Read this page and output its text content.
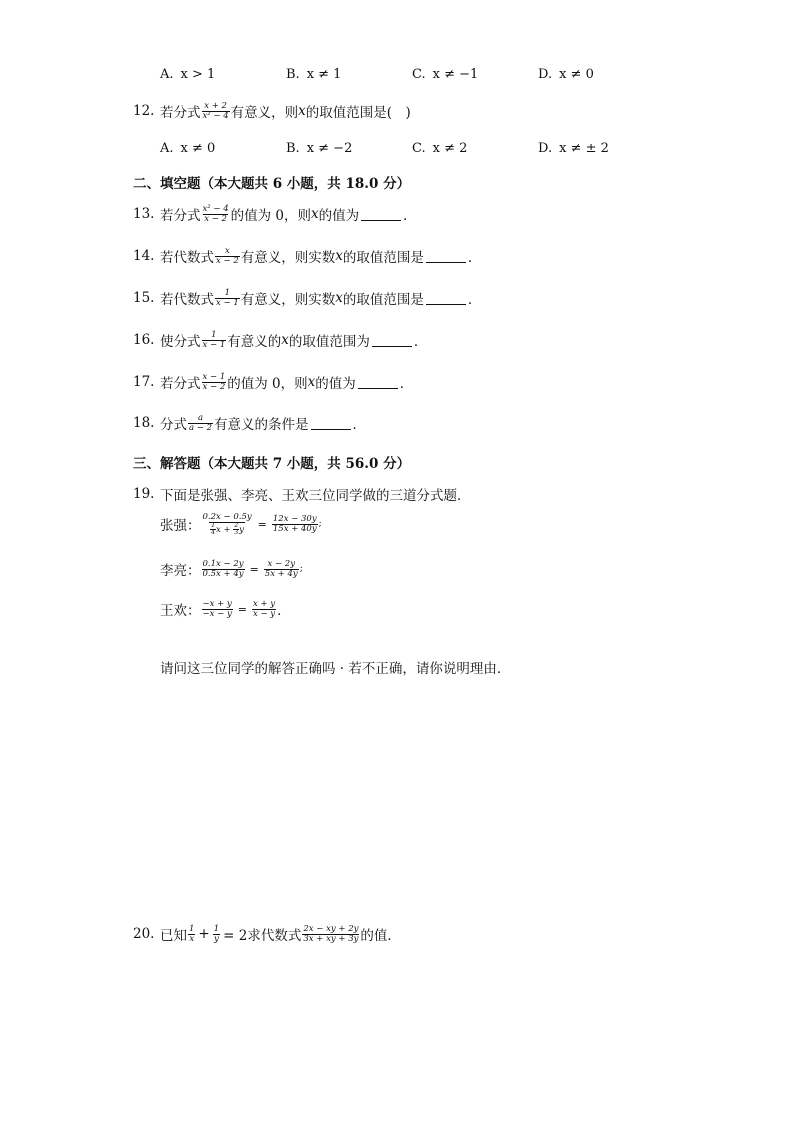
A. x > 1	B. x ≠ 1	C. x ≠ −1	D. x ≠ 0
12. 若分式 $\frac{x + 2}{\text{x² − 4}}$ 有意义，则 x 的取值范围是(　)
A. x ≠ 0	B. x ≠ −2	C. x ≠ 2	D. x ≠ ± 2
二、填空题（本大题共 6 小题，共 18.0 分）
13. 若分式 $\frac{\text{x² − 4}}{x - 2}$ 的值为 0，则 x 的值为	．
14. 若代数式 $\frac{x}{x - 2}$ 有意义，则实数 x 的取值范围是	．
15. 若代数式 $\frac{1}{x - 1}$ 有意义，则实数 x 的取值范围是	．
16. 使分式 $\frac{1}{x - 1}$ 有意义的 x 的取值范围为	．
17. 若分式 $\frac{x - 1}{x - 2}$ 的值为 0，则 x 的值为	．
18. 分式 $\frac{a}{a - 2}$ 有意义的条件是	．
三、解答题（本大题共 7 小题，共 56.0 分）
19. 下面是张强、李亮、王欢三位同学做的三道分式题．
张强： $\frac{0.2x - 0.5y}{\frac{1}{4} x + \frac{2}{3} y} = \frac{12x - 30y}{15x + 40y}$ ;
李亮： $\frac{0.1x - 2y}{0.5x + 4y} = \frac{x - 2y}{5x + 4y}$ ;
王欢： $\frac{-x + y}{-x - y} = \frac{x + y}{x - y}$ ．
请问这三位同学的解答正确吗 · 若不正确，请你说明理由．
20. 已知 $\frac{1}{x} + \frac{1}{y} = 2$求代数式 $\frac{2x - xy + 2y}{3x + xy + 3y}$ 的值．
